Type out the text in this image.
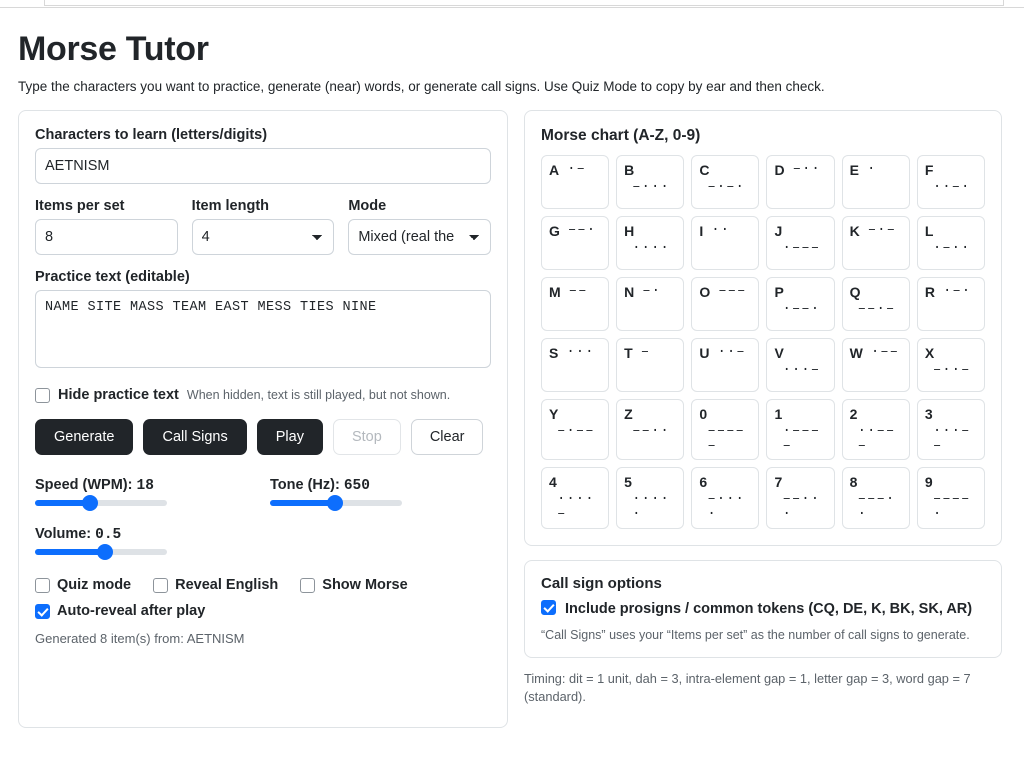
Morse Tutor

Type the characters you want to practice, generate (near) words, or generate call signs. Use Quiz Mode to copy by ear and then check.

Characters to learn (letters/digits)
AETNISM
Items per set
8	Item length
4	Mode
Mixed (real the
Practice text (editable)
NAME SITE MASS TEAM EAST MESS TIES NINE
Hide practice text When hidden, text is still played, but not shown.
Generate	Call Signs	Play	Stop	Clear
Speed (WPM): 18	Tone (Hz): 650
Volume: 0.5
Quiz mode	Reveal English	Show Morse
Auto-reveal after play
Generated 8 item(s) from: AETNISM
Morse chart (A-Z, 0-9)
A ·–	B–···
C–·–·
D –··	E ·	F··–·
G ––·	H····
I ··	J·–––
K –·–	L·–··
M ––	N –·	O –––	P·––·
Q––·–
R ·–·
S ···	T –	U ··–	V···–
W ·––	X–··–
Y–·––
Z––··
0–––––
1·––––
2··–––
3···––
4····–
5·····
6–····
7––···
8–––··
9––––·
Call sign options
Include prosigns / common tokens (CQ, DE, K, BK, SK, AR)
“Call Signs” uses your “Items per set” as the number of call signs to generate.
Timing: dit = 1 unit, dah = 3, intra-element gap = 1, letter gap = 3, word gap = 7 (standard).
